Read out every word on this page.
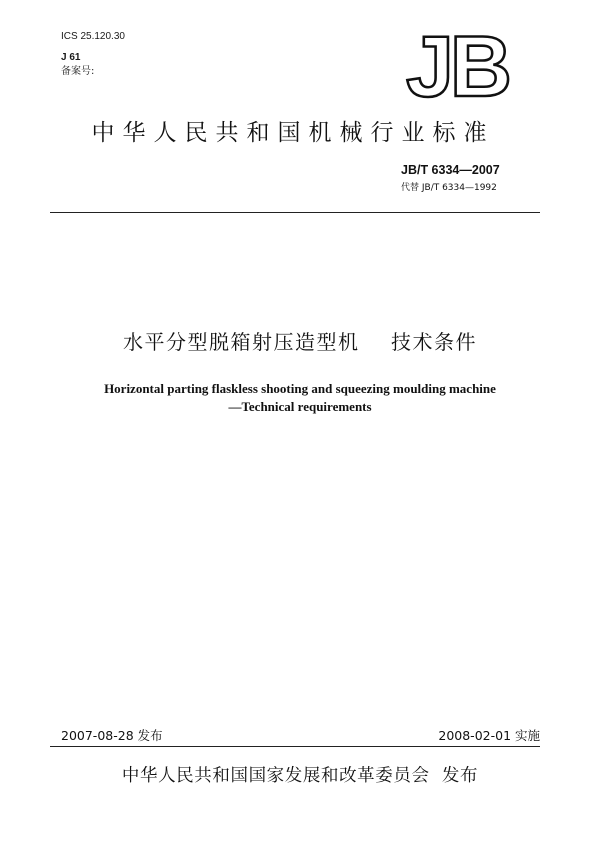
ICS 25.120.30
J 61
备案号:	JB
中华人民共和国机械行业标准
JB/T 6334—2007
代替 JB/T 6334—1992
水平分型脱箱射压造型机    技术条件
Horizontal parting flaskless shooting and squeezing moulding machine
—Technical requirements
2007-08-28 发布	2008-02-01 实施
中华人民共和国国家发展和改革委员会 发布
